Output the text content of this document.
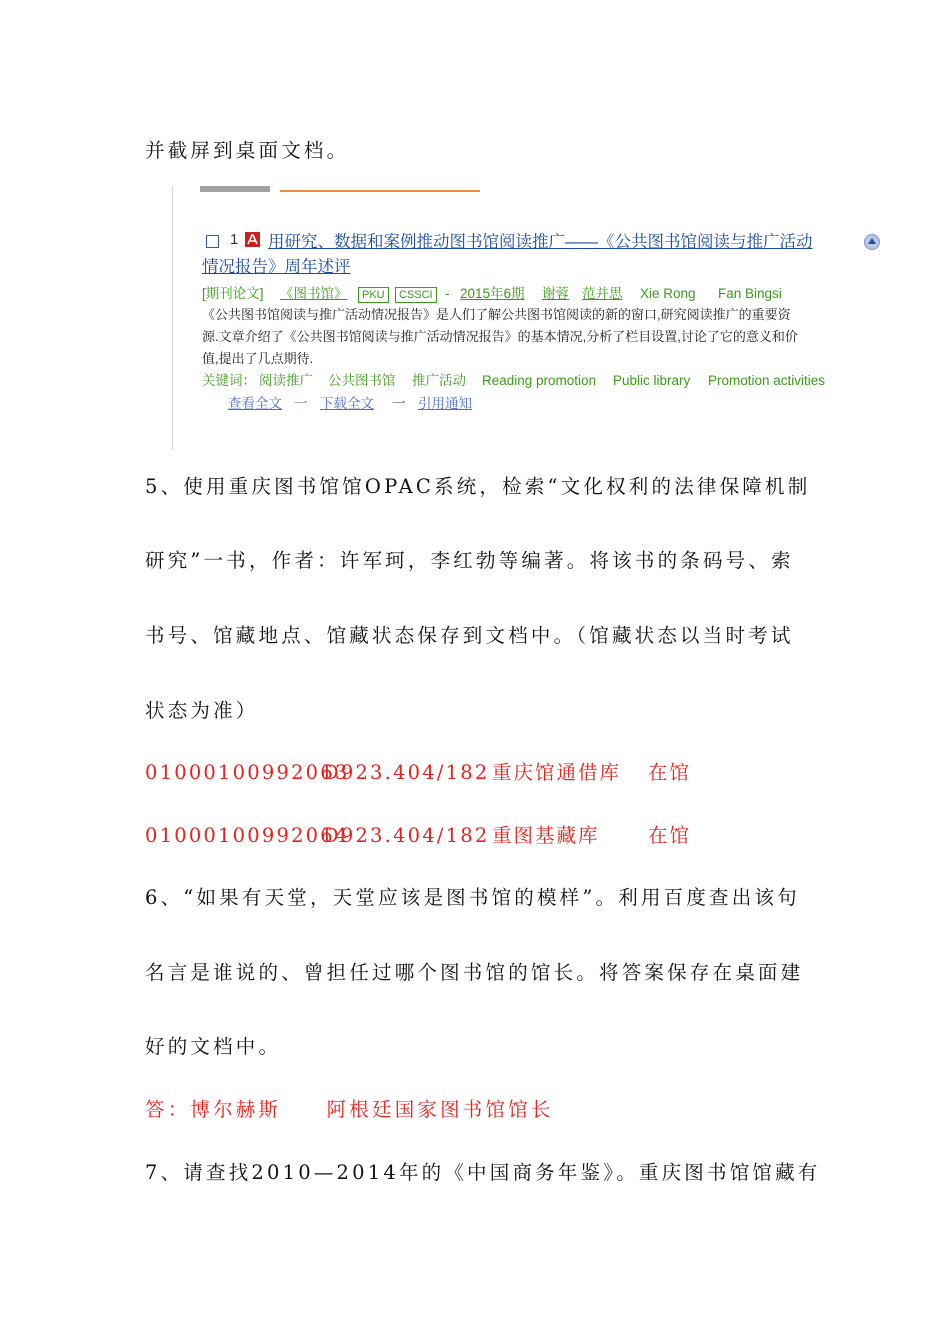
并截屏到桌面文档。
1 用研究、数据和案例推动图书馆阅读推广——《公共图书馆阅读与推广活动
情况报告》周年述评
[期刊论文] 《图书馆》	PKU	CSSCI - 2015年6期 谢蓉 范并思 Xie Rong Fan Bingsi
《公共图书馆阅读与推广活动情况报告》是人们了解公共图书馆阅读的新的窗口,研究阅读推广的重要资
源.文章介绍了《公共图书馆阅读与推广活动情况报告》的基本情况,分析了栏目设置,讨论了它的意义和价
值,提出了几点期待.
关键词： 阅读推广 公共图书馆 推广活动 Reading promotion Public library Promotion activities
查看全文 一 下载全文 一 引用通知
5、使用重庆图书馆馆OPAC系统，检索“文化权利的法律保障机制
研究”一书，作者：许军珂，李红勃等编著。将该书的条码号、索
书号、馆藏地点、馆藏状态保存到文档中。（馆藏状态以当时考试
状态为准）
01000100992063
D923.404/182 重庆馆通借库 在馆
01000100992064
D923.404/182 重图基藏库 在馆
6、“如果有天堂，天堂应该是图书馆的模样”。利用百度查出该句
名言是谁说的、曾担任过哪个图书馆的馆长。将答案保存在桌面建
好的文档中。
答：博尔赫斯　　阿根廷国家图书馆馆长
7、请查找2010—2014年的《中国商务年鉴》。重庆图书馆馆藏有
